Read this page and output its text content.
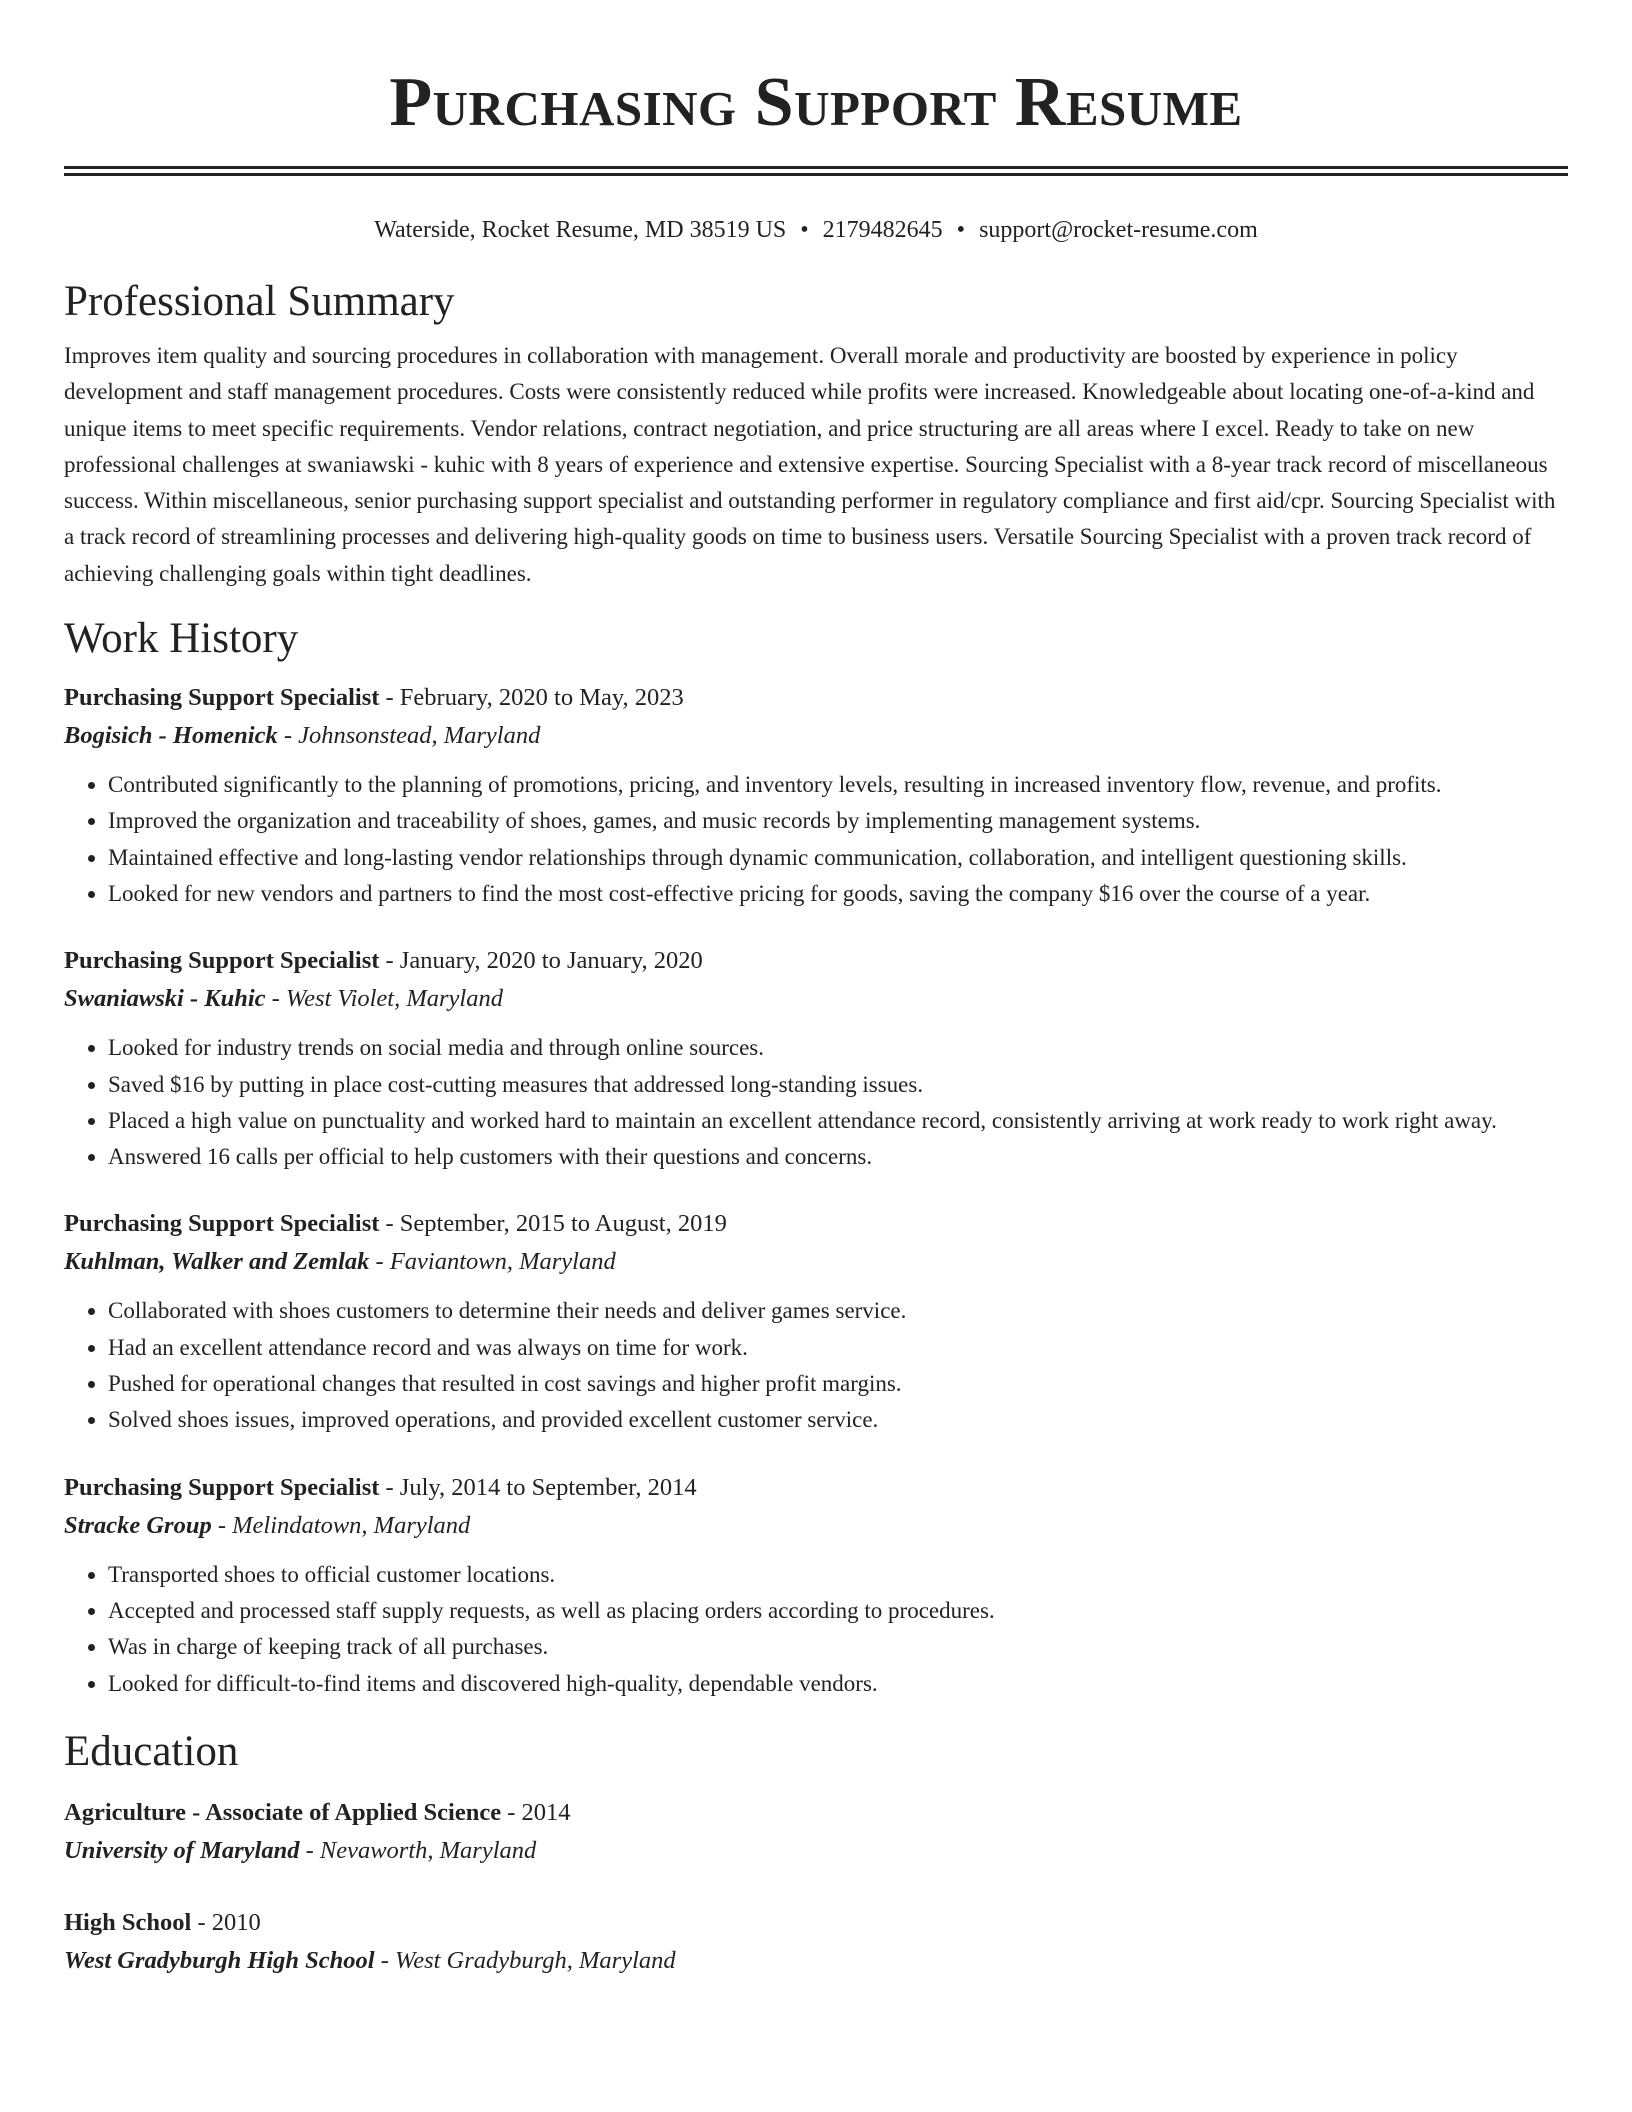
Purchasing Support Resume
Waterside, Rocket Resume, MD 38519 US • 2179482645 • support@rocket-resume.com
Professional Summary

Improves item quality and sourcing procedures in collaboration with management. Overall morale and productivity are boosted by experience in policy development and staff management procedures. Costs were consistently reduced while profits were increased. Knowledgeable about locating one-of-a-kind and unique items to meet specific requirements. Vendor relations, contract negotiation, and price structuring are all areas where I excel. Ready to take on new professional challenges at swaniawski - kuhic with 8 years of experience and extensive expertise. Sourcing Specialist with a 8-year track record of miscellaneous success. Within miscellaneous, senior purchasing support specialist and outstanding performer in regulatory compliance and first aid/cpr. Sourcing Specialist with a track record of streamlining processes and delivering high-quality goods on time to business users. Versatile Sourcing Specialist with a proven track record of achieving challenging goals within tight deadlines.

Work History
Purchasing Support Specialist - February, 2020 to May, 2023
Bogisich - Homenick - Johnsonstead, Maryland
• Contributed significantly to the planning of promotions, pricing, and inventory levels, resulting in increased inventory flow, revenue, and profits.
• Improved the organization and traceability of shoes, games, and music records by implementing management systems.
• Maintained effective and long-lasting vendor relationships through dynamic communication, collaboration, and intelligent questioning skills.
• Looked for new vendors and partners to find the most cost-effective pricing for goods, saving the company $16 over the course of a year.
Purchasing Support Specialist - January, 2020 to January, 2020
Swaniawski - Kuhic - West Violet, Maryland
• Looked for industry trends on social media and through online sources.
• Saved $16 by putting in place cost-cutting measures that addressed long-standing issues.
• Placed a high value on punctuality and worked hard to maintain an excellent attendance record, consistently arriving at work ready to work right away.
• Answered 16 calls per official to help customers with their questions and concerns.
Purchasing Support Specialist - September, 2015 to August, 2019
Kuhlman, Walker and Zemlak - Faviantown, Maryland
• Collaborated with shoes customers to determine their needs and deliver games service.
• Had an excellent attendance record and was always on time for work.
• Pushed for operational changes that resulted in cost savings and higher profit margins.
• Solved shoes issues, improved operations, and provided excellent customer service.
Purchasing Support Specialist - July, 2014 to September, 2014
Stracke Group - Melindatown, Maryland
• Transported shoes to official customer locations.
• Accepted and processed staff supply requests, as well as placing orders according to procedures.
• Was in charge of keeping track of all purchases.
• Looked for difficult-to-find items and discovered high-quality, dependable vendors.
Education
Agriculture - Associate of Applied Science - 2014
University of Maryland - Nevaworth, Maryland
High School - 2010
West Gradyburgh High School - West Gradyburgh, Maryland
